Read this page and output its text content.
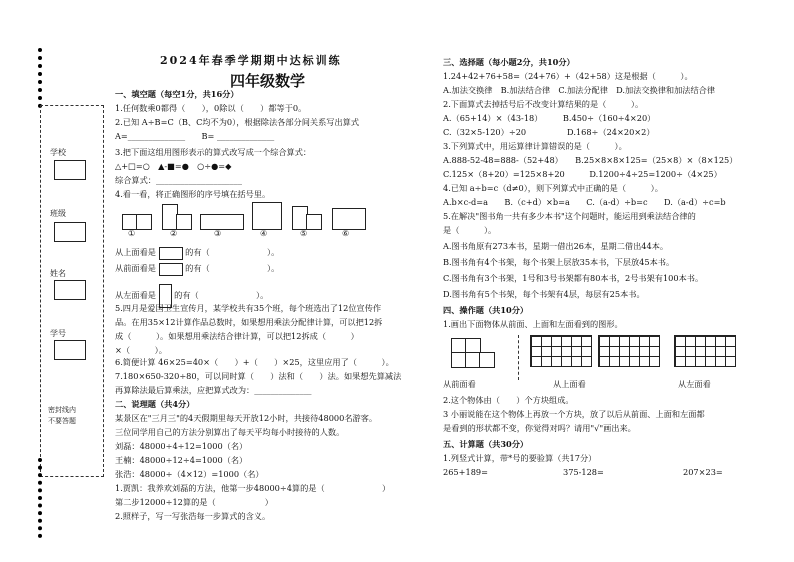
学校
班级
姓名
学号
密封线内
不要答题
2024年春季学期期中达标训练
四年级数学
一、填空题（每空1分，共16分）
1.任何数乘0都得（　　），0除以（　　）都等于0。
2.已知 A÷B=C（B、C均不为0），根据除法各部分间关系写出算式
A=______________　　B= ______________
3.把下面这组用图形表示的算式改写成一个综合算式：
△+□=○　▲-■=●　○÷●=◆
综合算式：_____________________
4.看一看，将正确图形的序号填在括号里。
从上面看是	的有（　　　　　　　）。
从前面看是	的有（　　　　　　　）。
从左面看是 的有（　　　　　　　）。
5.四月是爱国卫生宣传月，某学校共有35个班，每个班选出了12位宣传作
品。在用35×12计算作品总数时，如果想用乘法分配律计算，可以把12拆
成（　　　）。如果想用乘法结合律计算，可以把12拆成（　　　）
×（　　　）。
6.简便计算 46×25=40×（　　）+（　　）×25，这里应用了（　　　）。
7.180×650-320÷80，可以同时算（　　）法和（　　）法。如果想先算减法
再算除法最后算乘法，应把算式改为：______________
二、说理题（共4分）
某景区在"三月三"的4天假期里每天开放12小时，共接待48000名游客。
三位同学用自己的方法分别算出了每天平均每小时接待的人数。
刘磊：48000÷4÷12=1000（名）
王楠：48000÷12÷4=1000（名）
张浩：48000÷（4×12）=1000（名）
1.贾凯：我养欢刘磊的方法，他第一步48000÷4算的是（　　　　　　　）
第二步12000÷12算的是（　　　　　　）
2.照样子，写一写张浩每一步算式的含义。
①	②	③	④	⑤	⑥
三、选择题（每小题2分，共10分）
1.24+42+76+58=（24+76）+（42+58）这是根据（　　　）。
A.加法交换律　B.加法结合律　C.加法分配律　D.加法交换律和加法结合律
2.下面算式去掉括号后不改变计算结果的是（　　　）。
A.（65+14）×（43-18）　　　B.450÷（160÷4×20）
C.（32×5-120）÷20　　　　　D.168÷（24×20×2）
3.下列算式中，用运算律计算错误的是（　　　）。
A.888-52-48=888-（52+48）　　B.25×8×8×125=（25×8）×（8×125）
C.125×（8+20）=125×8+20　　　D.1200÷4÷25=1200÷（4×25）
4.已知 a÷b=c（d≠0），则下列算式中正确的是（　　　）。
A.b×c-d=a　　B.（c+d）×b=a　　C.（a-d）÷b=c　　D.（a-d）÷c=b
5.在解决"图书角一共有多少本书"这个问题时，能运用到乘法结合律的
是（　　　）。
A.图书角原有273本书，星期一借出26本，星期二借出44本。
B.图书角有4个书架，每个书架上层放35本书，下层放45本书。
C.图书角有3个书架，1号和3号书架都有80本书，2号书架有100本书。
D.图书角有5个书架，每个书架有4层，每层有25本书。
四、操作题（共10分）
1.画出下面物体从前面、上面和左面看到的图形。
从前面看	从上面看	从左面看
2.这个物体由（　　）个方块组成。
3 小丽说能在这个物体上再放一个方块，放了以后从前面、上面和左面都
是看到的形状都不变，你觉得对吗？请用"√"画出来。
五、计算题（共30分）
1.列竖式计算，带*号的要验算（共17分）
265+189=	375-128=	207×23=
